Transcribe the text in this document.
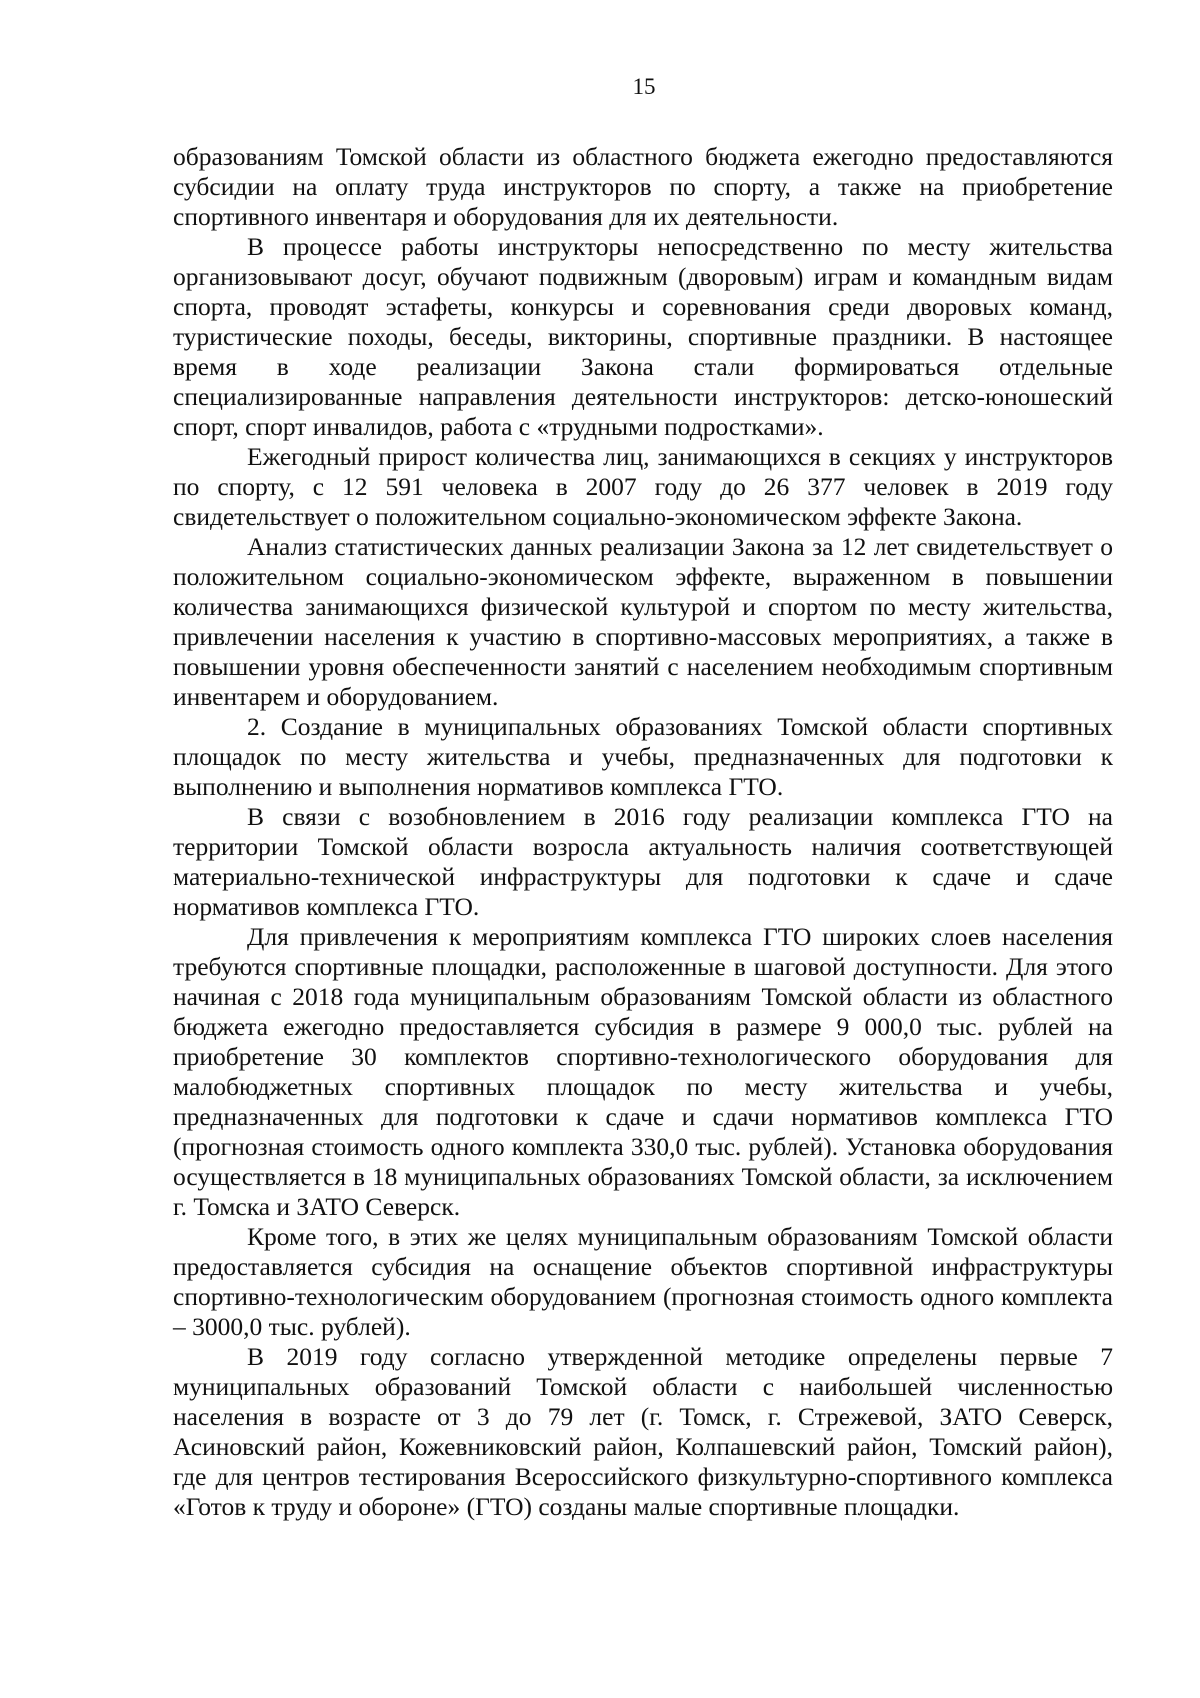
15

образованиям Томской области из областного бюджета ежегодно предоставляются субсидии на оплату труда инструкторов по спорту, а также на приобретение спортивного инвентаря и оборудования для их деятельности.

В процессе работы инструкторы непосредственно по месту жительства организовывают досуг, обучают подвижным (дворовым) играм и командным видам спорта, проводят эстафеты, конкурсы и соревнования среди дворовых команд, туристические походы, беседы, викторины, спортивные праздники. В настоящее время в ходе реализации Закона стали формироваться отдельные специализированные направления деятельности инструкторов: детско-юношеский спорт, спорт инвалидов, работа с «трудными подростками».

Ежегодный прирост количества лиц, занимающихся в секциях у инструкторов по спорту, с 12 591 человека в 2007 году до 26 377 человек в 2019 году свидетельствует о положительном социально-экономическом эффекте Закона.

Анализ статистических данных реализации Закона за 12 лет свидетельствует о положительном социально-экономическом эффекте, выраженном в повышении количества занимающихся физической культурой и спортом по месту жительства, привлечении населения к участию в спортивно-массовых мероприятиях, а также в повышении уровня обеспеченности занятий с населением необходимым спортивным инвентарем и оборудованием.

2. Создание в муниципальных образованиях Томской области спортивных площадок по месту жительства и учебы, предназначенных для подготовки к выполнению и выполнения нормативов комплекса ГТО.

В связи с возобновлением в 2016 году реализации комплекса ГТО на территории Томской области возросла актуальность наличия соответствующей материально-технической инфраструктуры для подготовки к сдаче и сдаче нормативов комплекса ГТО.

Для привлечения к мероприятиям комплекса ГТО широких слоев населения требуются спортивные площадки, расположенные в шаговой доступности. Для этого начиная с 2018 года муниципальным образованиям Томской области из областного бюджета ежегодно предоставляется субсидия в размере 9 000,0 тыс. рублей на приобретение 30 комплектов спортивно-технологического оборудования для малобюджетных спортивных площадок по месту жительства и учебы, предназначенных для подготовки к сдаче и сдачи нормативов комплекса ГТО (прогнозная стоимость одного комплекта 330,0 тыс. рублей). Установка оборудования осуществляется в 18 муниципальных образованиях Томской области, за исключением г. Томска и ЗАТО Северск.

Кроме того, в этих же целях муниципальным образованиям Томской области предоставляется субсидия на оснащение объектов спортивной инфраструктуры спортивно-технологическим оборудованием (прогнозная стоимость одного комплекта – 3000,0 тыс. рублей).

В 2019 году согласно утвержденной методике определены первые 7 муниципальных образований Томской области с наибольшей численностью населения в возрасте от 3 до 79 лет (г. Томск, г. Стрежевой, ЗАТО Северск, Асиновский район, Кожевниковский район, Колпашевский район, Томский район), где для центров тестирования Всероссийского физкультурно-спортивного комплекса «Готов к труду и обороне» (ГТО) созданы малые спортивные площадки.
